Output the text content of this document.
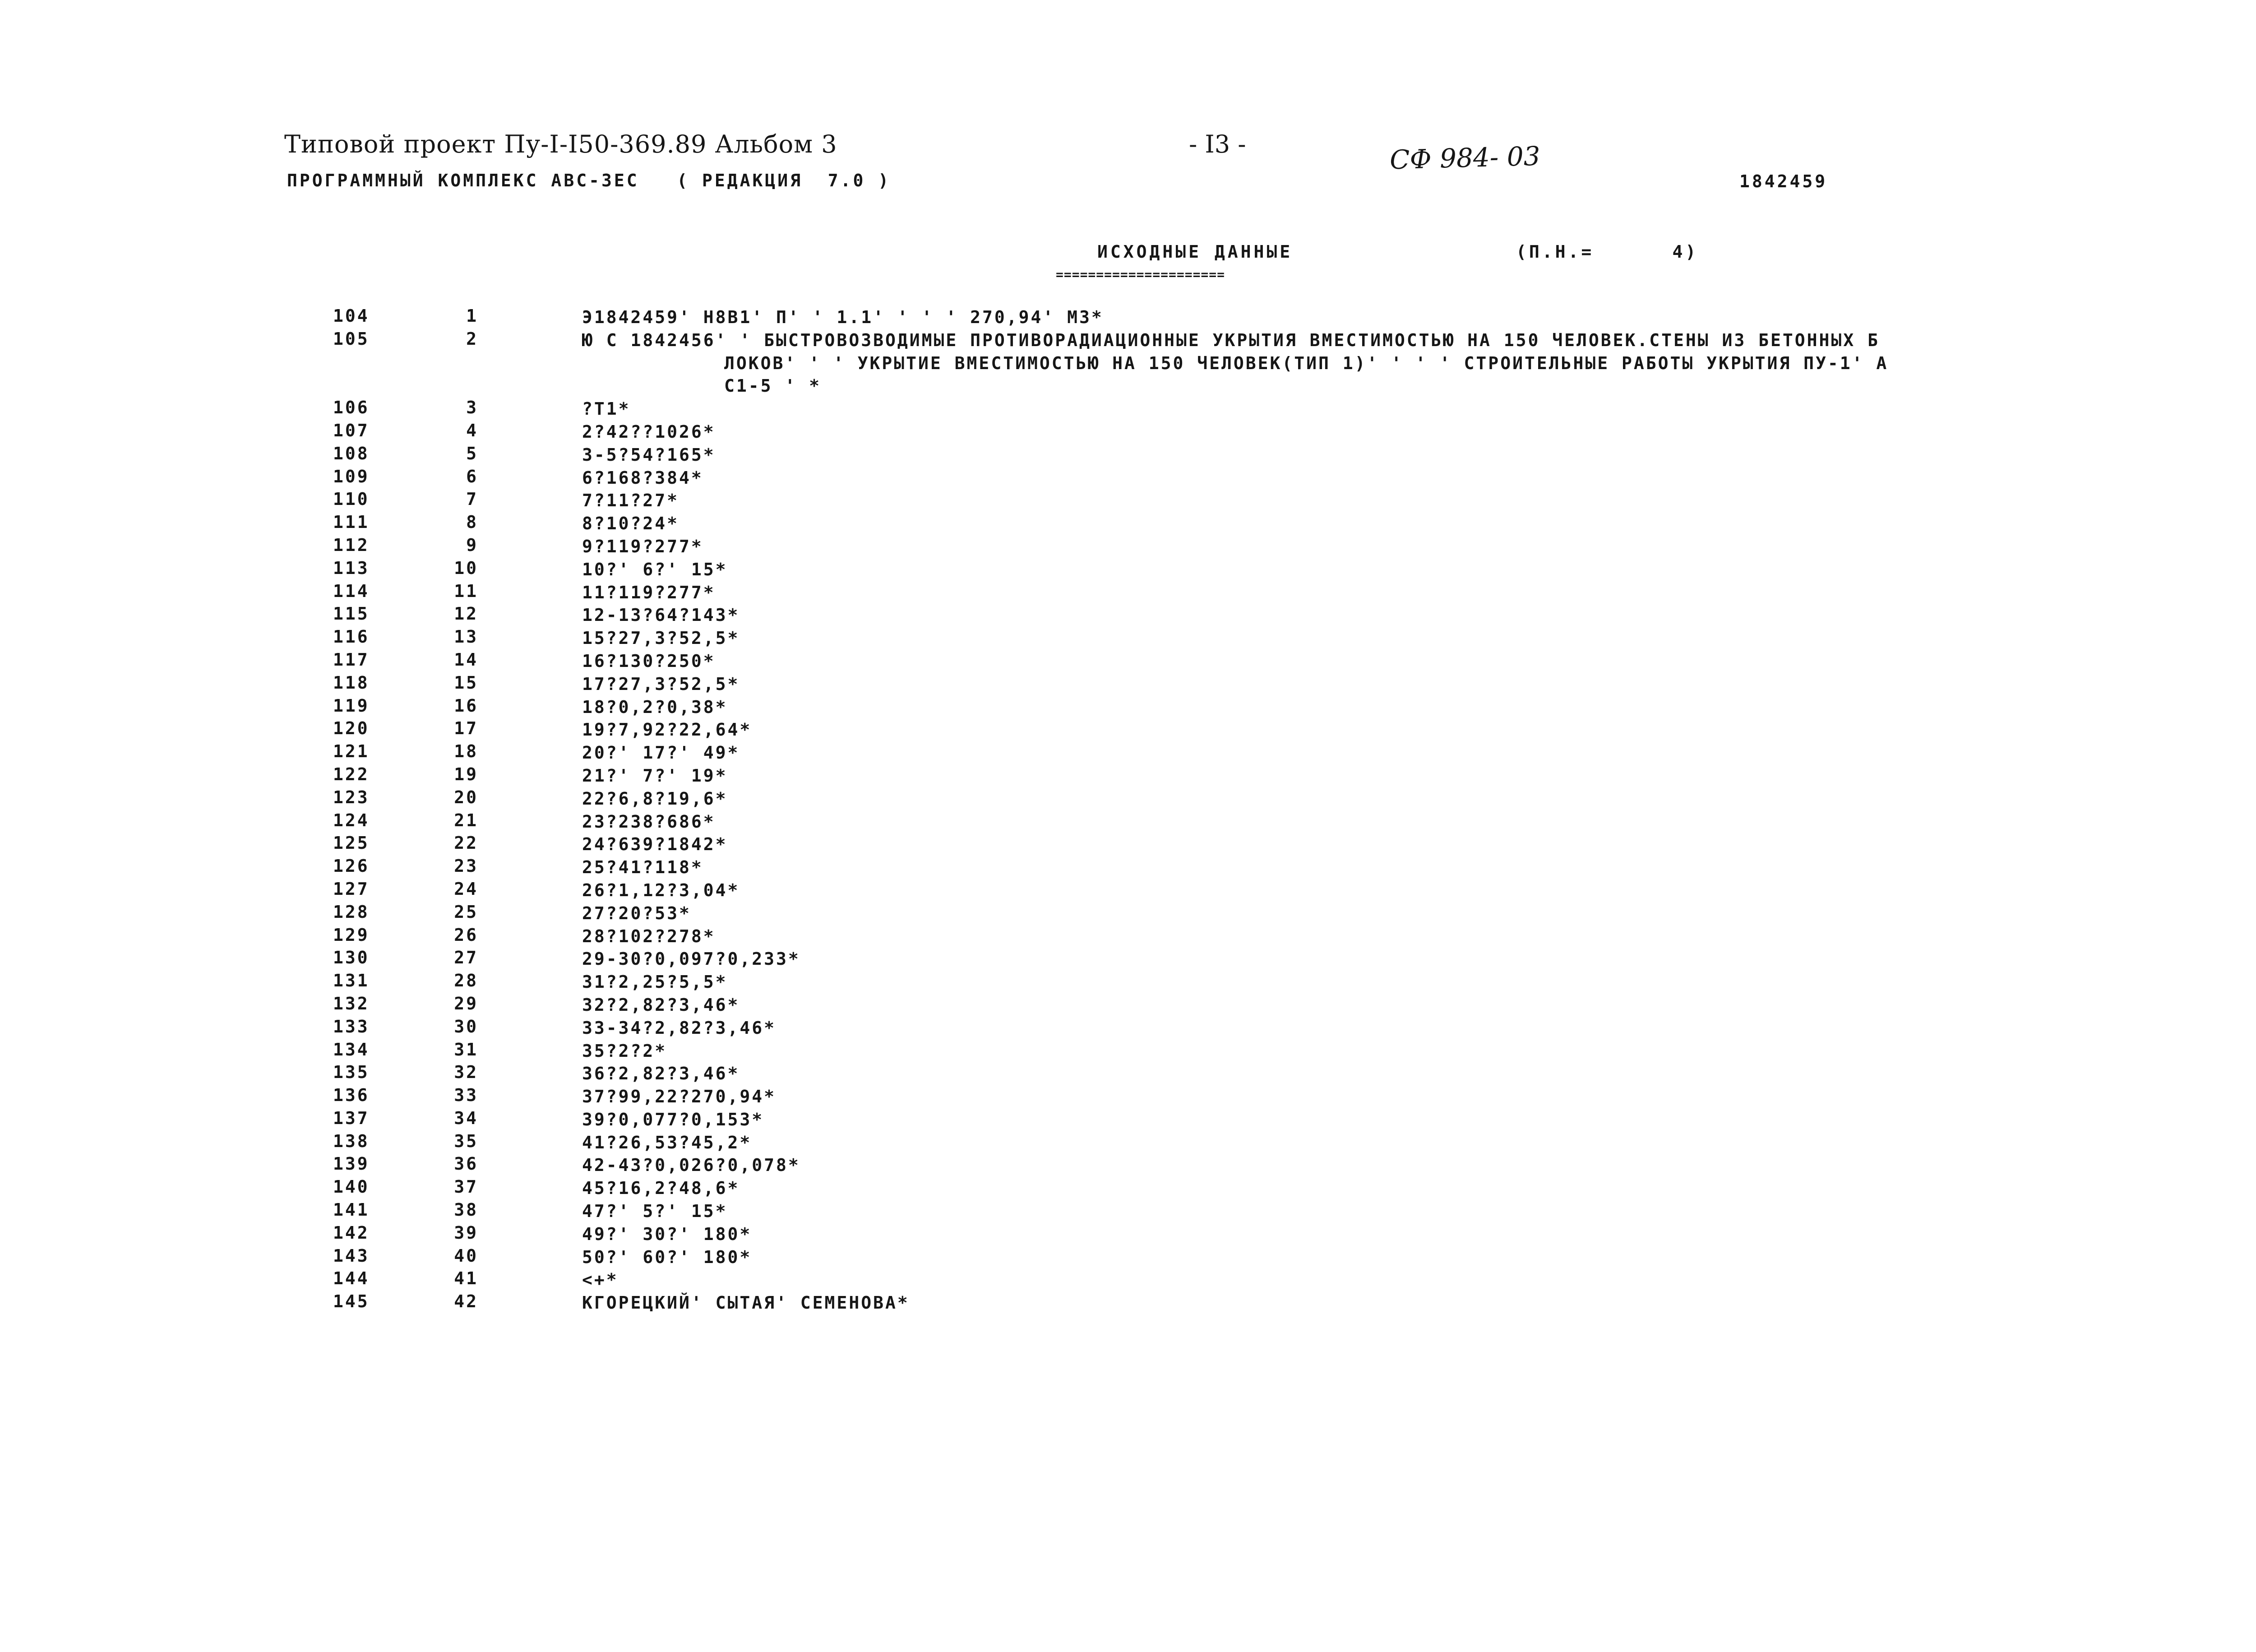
Типовой проект Пу-I-I50-369.89 Альбом 3	- I3 -	СФ 984- 03
ПРОГРАММНЫЙ КОМПЛЕКС АВС-3ЕС   ( РЕДАКЦИЯ  7.0 )	1842459
ИСХОДНЫЕ ДАННЫЕ
=====================
(П.Н.=      4)
104	1	Э1842459' Н8В1' П' ' 1.1' ' ' ' 270,94' М3*
105	2	Ю С 1842456' ' БЫСТРОВОЗВОДИМЫЕ ПРОТИВОРАДИАЦИОННЫЕ УКРЫТИЯ ВМЕСТИМОСТЬЮ НА 150 ЧЕЛОВЕК.СТЕНЫ ИЗ БЕТОННЫХ Б
ЛОКОВ' ' ' УКРЫТИЕ ВМЕСТИМОСТЬЮ НА 150 ЧЕЛОВЕК(ТИП 1)' ' ' ' СТРОИТЕЛЬНЫЕ РАБОТЫ УКРЫТИЯ ПУ-1' А
С1-5 ' *
106	3	?Т1*
107	4	2?42??1026*
108	5	3-5?54?165*
109	6	6?168?384*
110	7	7?11?27*
111	8	8?10?24*
112	9	9?119?277*
113	10	10?' 6?' 15*
114	11	11?119?277*
115	12	12-13?64?143*
116	13	15?27,3?52,5*
117	14	16?130?250*
118	15	17?27,3?52,5*
119	16	18?0,2?0,38*
120	17	19?7,92?22,64*
121	18	20?' 17?' 49*
122	19	21?' 7?' 19*
123	20	22?6,8?19,6*
124	21	23?238?686*
125	22	24?639?1842*
126	23	25?41?118*
127	24	26?1,12?3,04*
128	25	27?20?53*
129	26	28?102?278*
130	27	29-30?0,097?0,233*
131	28	31?2,25?5,5*
132	29	32?2,82?3,46*
133	30	33-34?2,82?3,46*
134	31	35?2?2*
135	32	36?2,82?3,46*
136	33	37?99,22?270,94*
137	34	39?0,077?0,153*
138	35	41?26,53?45,2*
139	36	42-43?0,026?0,078*
140	37	45?16,2?48,6*
141	38	47?' 5?' 15*
142	39	49?' 30?' 180*
143	40	50?' 60?' 180*
144	41	<+*
145	42	КГОРЕЦКИЙ' СЫТАЯ' СЕМЕНОВА*
